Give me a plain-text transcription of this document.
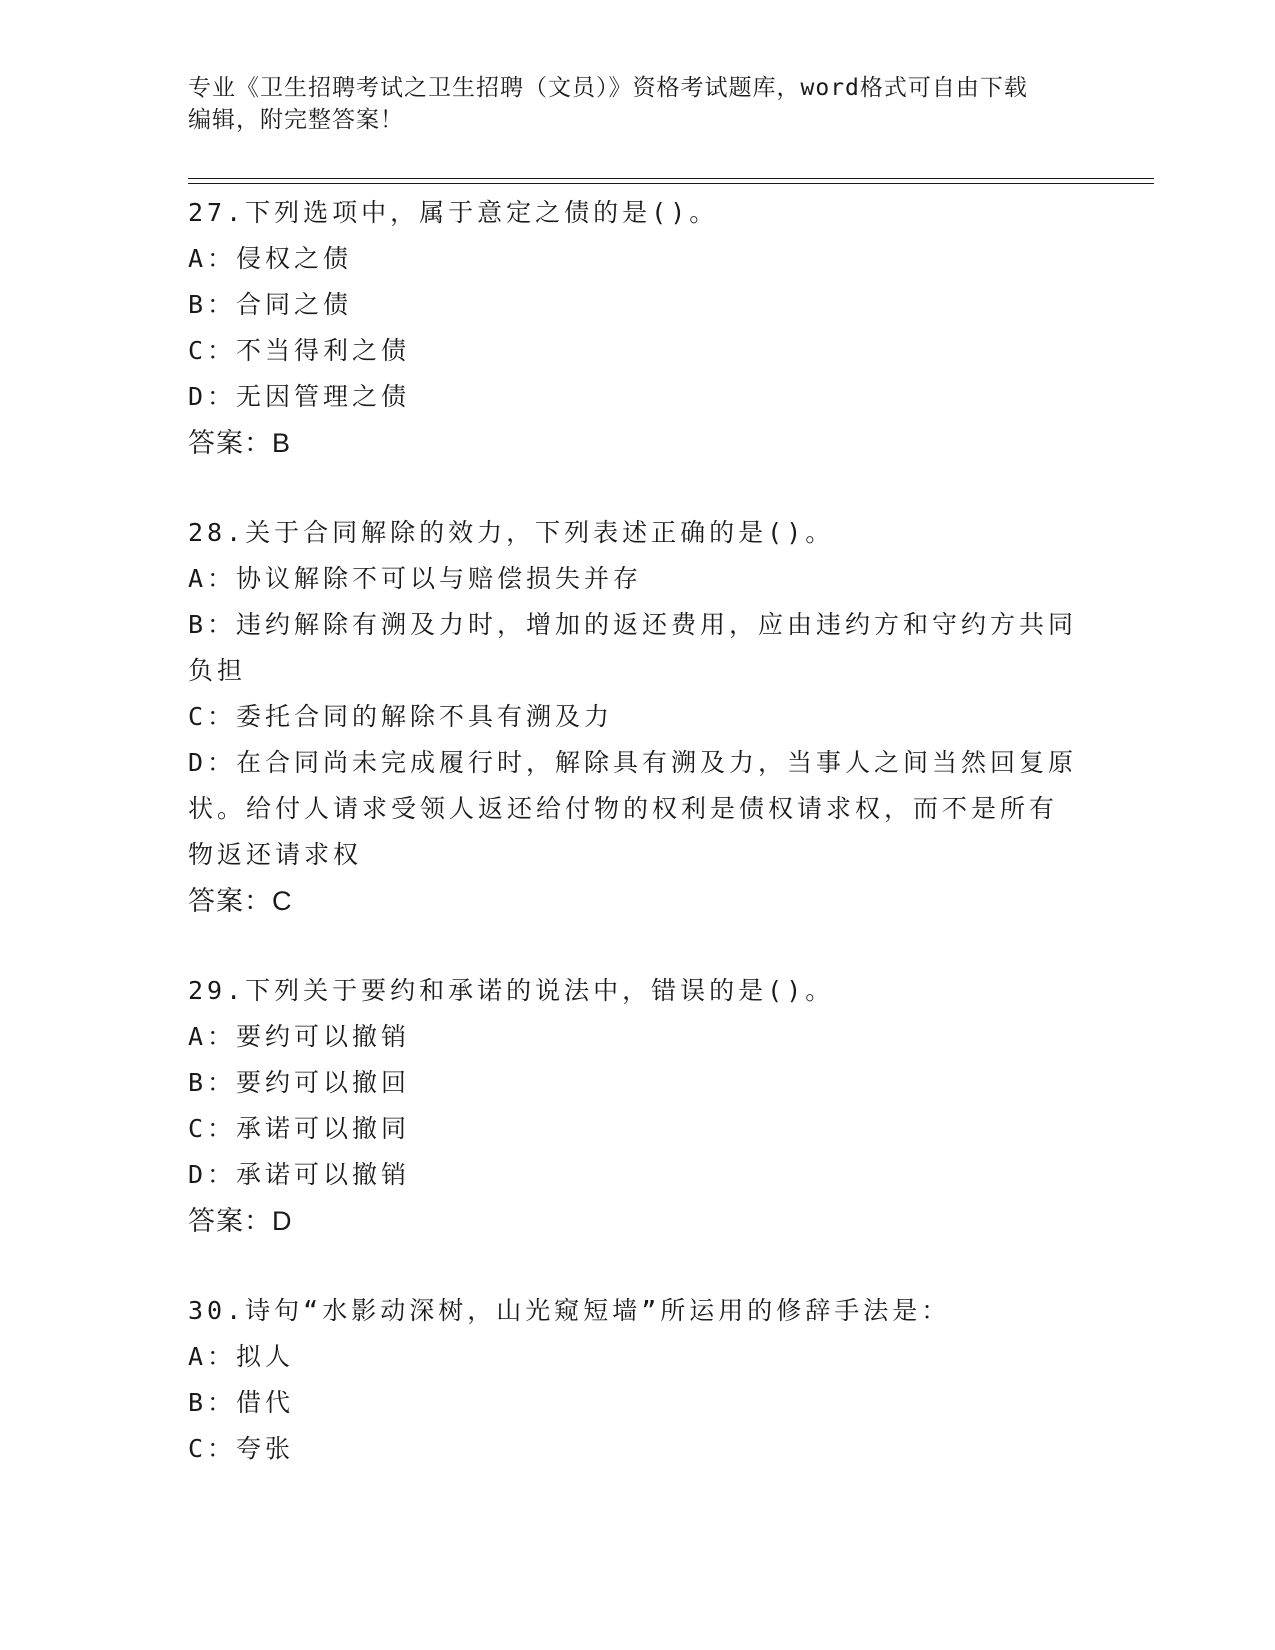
专业《卫生招聘考试之卫生招聘（文员）》资格考试题库，word格式可自由下载
编辑，附完整答案！
27.下列选项中，属于意定之债的是()。
A：侵权之债
B：合同之债
C：不当得利之债
D：无因管理之债
答案：B
28.关于合同解除的效力，下列表述正确的是()。
A：协议解除不可以与赔偿损失并存
B：违约解除有溯及力时，增加的返还费用，应由违约方和守约方共同
负担
C：委托合同的解除不具有溯及力
D：在合同尚未完成履行时，解除具有溯及力，当事人之间当然回复原
状。给付人请求受领人返还给付物的权利是债权请求权，而不是所有
物返还请求权
答案：C
29.下列关于要约和承诺的说法中，错误的是()。
A：要约可以撤销
B：要约可以撤回
C：承诺可以撤同
D：承诺可以撤销
答案：D
30.诗句“水影动深树，山光窥短墙”所运用的修辞手法是：
A：拟人
B：借代
C：夸张
